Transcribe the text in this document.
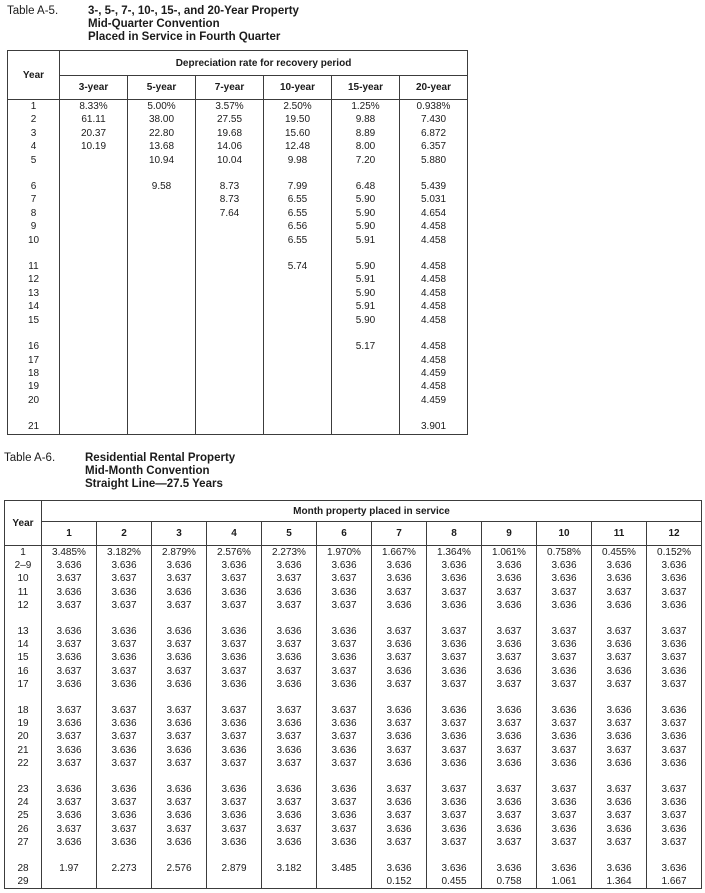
Table A-5.	3-, 5-, 7-, 10-, 15-, and 20-Year Property
Mid-Quarter Convention
Placed in Service in Fourth Quarter
Year	Depreciation rate for recovery period					
	3-year	5-year	7-year	10-year	15-year	20-year
1	8.33%	5.00%	3.57%	2.50%	1.25%	0.938%
2	61.11	38.00	27.55	19.50	9.88	7.430
3	20.37	22.80	19.68	15.60	8.89	6.872
4	10.19	13.68	14.06	12.48	8.00	6.357
5		10.94	10.04	9.98	7.20	5.880

6		9.58	8.73	7.99	6.48	5.439
7			8.73	6.55	5.90	5.031
8			7.64	6.55	5.90	4.654
9				6.56	5.90	4.458
10				6.55	5.91	4.458

11				5.74	5.90	4.458
12					5.91	4.458
13					5.90	4.458
14					5.91	4.458
15					5.90	4.458

16					5.17	4.458
17						4.458
18						4.459
19						4.458
20						4.459

21						3.901
Table A-6.	Residential Rental Property
Mid-Month Convention
Straight Line—27.5 Years
Year	Month property placed in service											
	1	2	3	4	5	6	7	8	9	10	11	12
1	3.485%	3.182%	2.879%	2.576%	2.273%	1.970%	1.667%	1.364%	1.061%	0.758%	0.455%	0.152%
2–9	3.636	3.636	3.636	3.636	3.636	3.636	3.636	3.636	3.636	3.636	3.636	3.636
10	3.637	3.637	3.637	3.637	3.637	3.637	3.636	3.636	3.636	3.636	3.636	3.636
11	3.636	3.636	3.636	3.636	3.636	3.636	3.637	3.637	3.637	3.637	3.637	3.637
12	3.637	3.637	3.637	3.637	3.637	3.637	3.636	3.636	3.636	3.636	3.636	3.636

13	3.636	3.636	3.636	3.636	3.636	3.636	3.637	3.637	3.637	3.637	3.637	3.637
14	3.637	3.637	3.637	3.637	3.637	3.637	3.636	3.636	3.636	3.636	3.636	3.636
15	3.636	3.636	3.636	3.636	3.636	3.636	3.637	3.637	3.637	3.637	3.637	3.637
16	3.637	3.637	3.637	3.637	3.637	3.637	3.636	3.636	3.636	3.636	3.636	3.636
17	3.636	3.636	3.636	3.636	3.636	3.636	3.637	3.637	3.637	3.637	3.637	3.637

18	3.637	3.637	3.637	3.637	3.637	3.637	3.636	3.636	3.636	3.636	3.636	3.636
19	3.636	3.636	3.636	3.636	3.636	3.636	3.637	3.637	3.637	3.637	3.637	3.637
20	3.637	3.637	3.637	3.637	3.637	3.637	3.636	3.636	3.636	3.636	3.636	3.636
21	3.636	3.636	3.636	3.636	3.636	3.636	3.637	3.637	3.637	3.637	3.637	3.637
22	3.637	3.637	3.637	3.637	3.637	3.637	3.636	3.636	3.636	3.636	3.636	3.636

23	3.636	3.636	3.636	3.636	3.636	3.636	3.637	3.637	3.637	3.637	3.637	3.637
24	3.637	3.637	3.637	3.637	3.637	3.637	3.636	3.636	3.636	3.636	3.636	3.636
25	3.636	3.636	3.636	3.636	3.636	3.636	3.637	3.637	3.637	3.637	3.637	3.637
26	3.637	3.637	3.637	3.637	3.637	3.637	3.636	3.636	3.636	3.636	3.636	3.636
27	3.636	3.636	3.636	3.636	3.636	3.636	3.637	3.637	3.637	3.637	3.637	3.637

28	1.97	2.273	2.576	2.879	3.182	3.485	3.636	3.636	3.636	3.636	3.636	3.636
29							0.152	0.455	0.758	1.061	1.364	1.667
